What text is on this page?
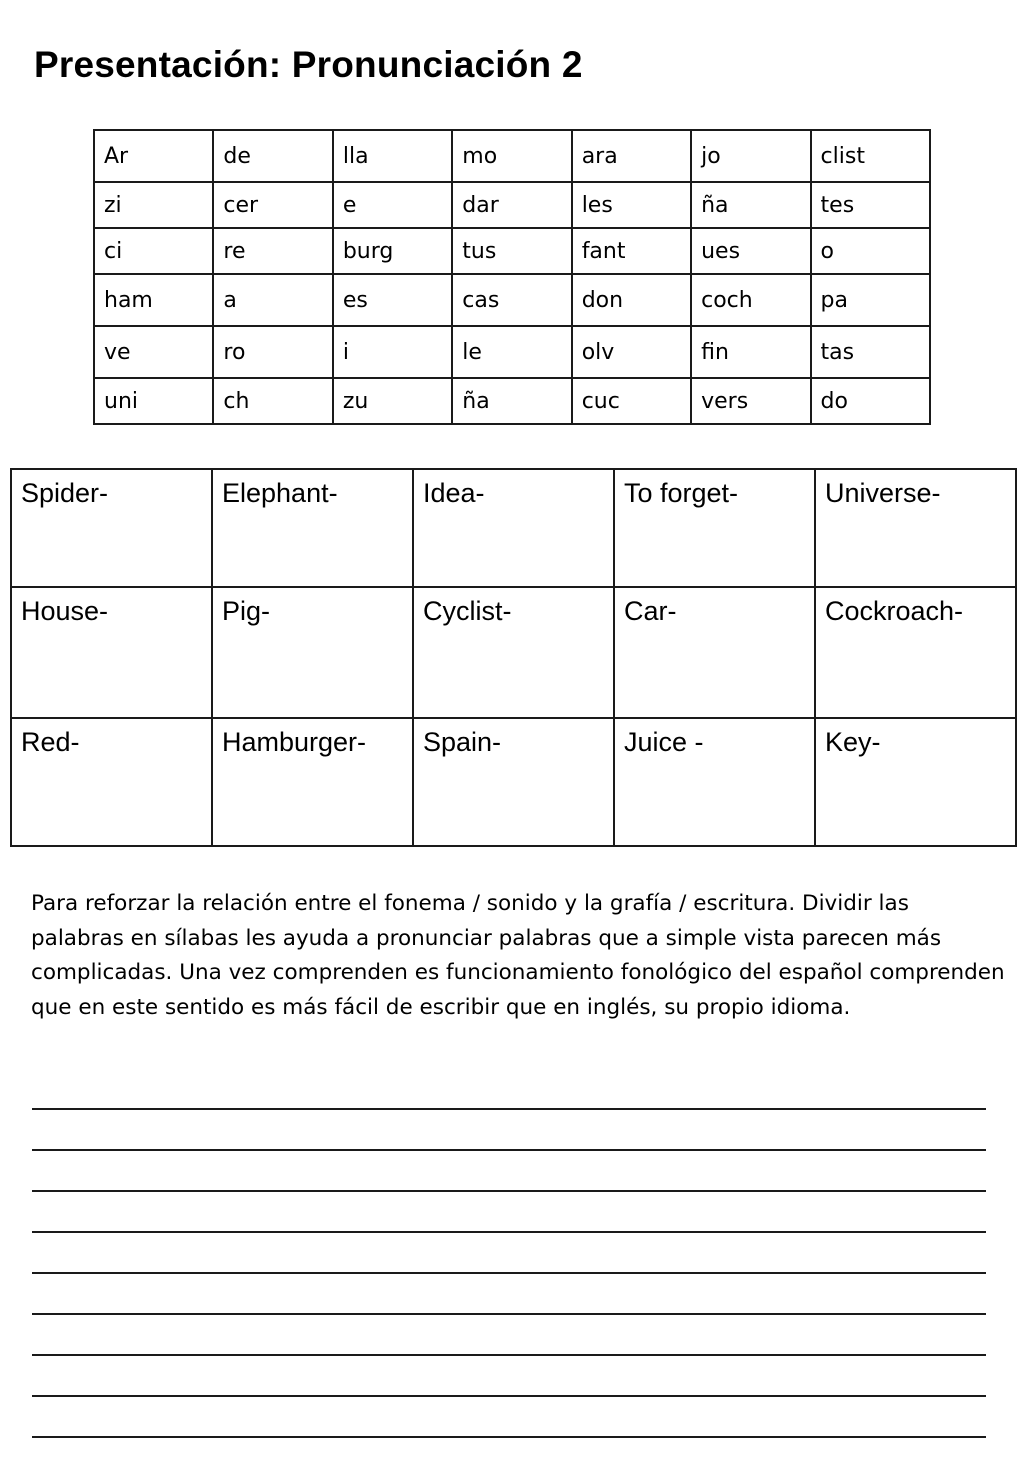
Presentación: Pronunciación 2
Ar	de	lla	mo	ara	jo	clist
zi	cer	e	dar	les	ña	tes
ci	re	burg	tus	fant	ues	o
ham	a	es	cas	don	coch	pa
ve	ro	i	le	olv	fin	tas
uni	ch	zu	ña	cuc	vers	do
Spider-	Elephant-	Idea-	To forget-	Universe-
House-	Pig-	Cyclist-	Car-	Cockroach-
Red-	Hamburger-	Spain-	Juice -	Key-

Para reforzar la relación entre el fonema / sonido y la grafía / escritura. Dividir las palabras en sílabas les ayuda a pronunciar palabras que a simple vista parecen más complicadas. Una vez comprenden es funcionamiento fonológico del español comprenden que en este sentido es más fácil de escribir que en inglés, su propio idioma.
